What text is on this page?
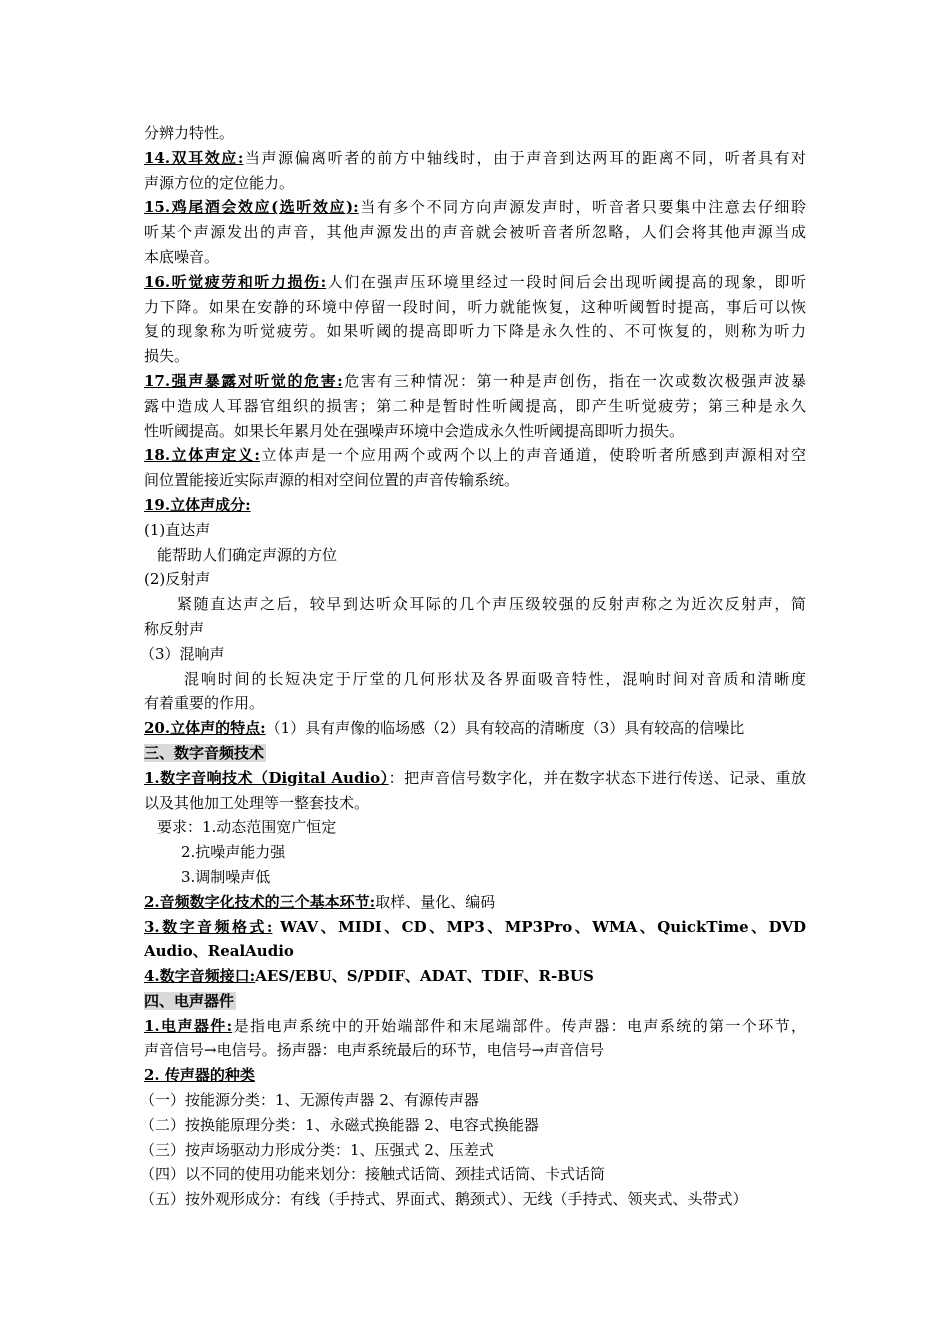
分辨力特性。
14.双耳效应:当声源偏离听者的前方中轴线时，由于声音到达两耳的距离不同，听者具有对
声源方位的定位能力。
15.鸡尾酒会效应(选听效应):当有多个不同方向声源发声时，听音者只要集中注意去仔细聆
听某个声源发出的声音，其他声源发出的声音就会被听音者所忽略，人们会将其他声源当成
本底噪音。
16.听觉疲劳和听力损伤:人们在强声压环境里经过一段时间后会出现听阈提高的现象，即听
力下降。如果在安静的环境中停留一段时间，听力就能恢复，这种听阈暂时提高，事后可以恢
复的现象称为听觉疲劳。如果听阈的提高即听力下降是永久性的、不可恢复的，则称为听力
损失。
17.强声暴露对听觉的危害:危害有三种情况：第一种是声创伤，指在一次或数次极强声波暴
露中造成人耳器官组织的损害；第二种是暂时性听阈提高，即产生听觉疲劳；第三种是永久
性听阈提高。如果长年累月处在强噪声环境中会造成永久性听阈提高即听力损失。
18.立体声定义:立体声是一个应用两个或两个以上的声音通道，使聆听者所感到声源相对空
间位置能接近实际声源的相对空间位置的声音传输系统。
19.立体声成分:
(1)直达声
能帮助人们确定声源的方位
(2)反射声
紧随直达声之后，较早到达听众耳际的几个声压级较强的反射声称之为近次反射声，简
称反射声
（3）混响声
混响时间的长短决定于厅堂的几何形状及各界面吸音特性，混响时间对音质和清晰度
有着重要的作用。
20.立体声的特点:（1）具有声像的临场感（2）具有较高的清晰度（3）具有较高的信噪比
三、数字音频技术
1.数字音响技术（Digital Audio）：把声音信号数字化，并在数字状态下进行传送、记录、重放
以及其他加工处理等一整套技术。
要求：1.动态范围宽广恒定
2.抗噪声能力强
3.调制噪声低
2.音频数字化技术的三个基本环节:取样、量化、编码
3.数字音频格式: WAV、MIDI、CD、MP3、MP3Pro、WMA、QuickTime、DVD
Audio、RealAudio
4.数字音频接口:AES/EBU、S/PDIF、ADAT、TDIF、R-BUS
四、电声器件
1.电声器件:是指电声系统中的开始端部件和末尾端部件。传声器：电声系统的第一个环节，
声音信号→电信号。扬声器：电声系统最后的环节，电信号→声音信号
2. 传声器的种类
（一）按能源分类：1、无源传声器 2、有源传声器
（二）按换能原理分类：1、永磁式换能器 2、电容式换能器
（三）按声场驱动力形成分类：1、压强式 2、压差式
（四）以不同的使用功能来划分：接触式话筒、颈挂式话筒、卡式话筒
（五）按外观形成分：有线（手持式、界面式、鹅颈式）、无线（手持式、领夹式、头带式）
